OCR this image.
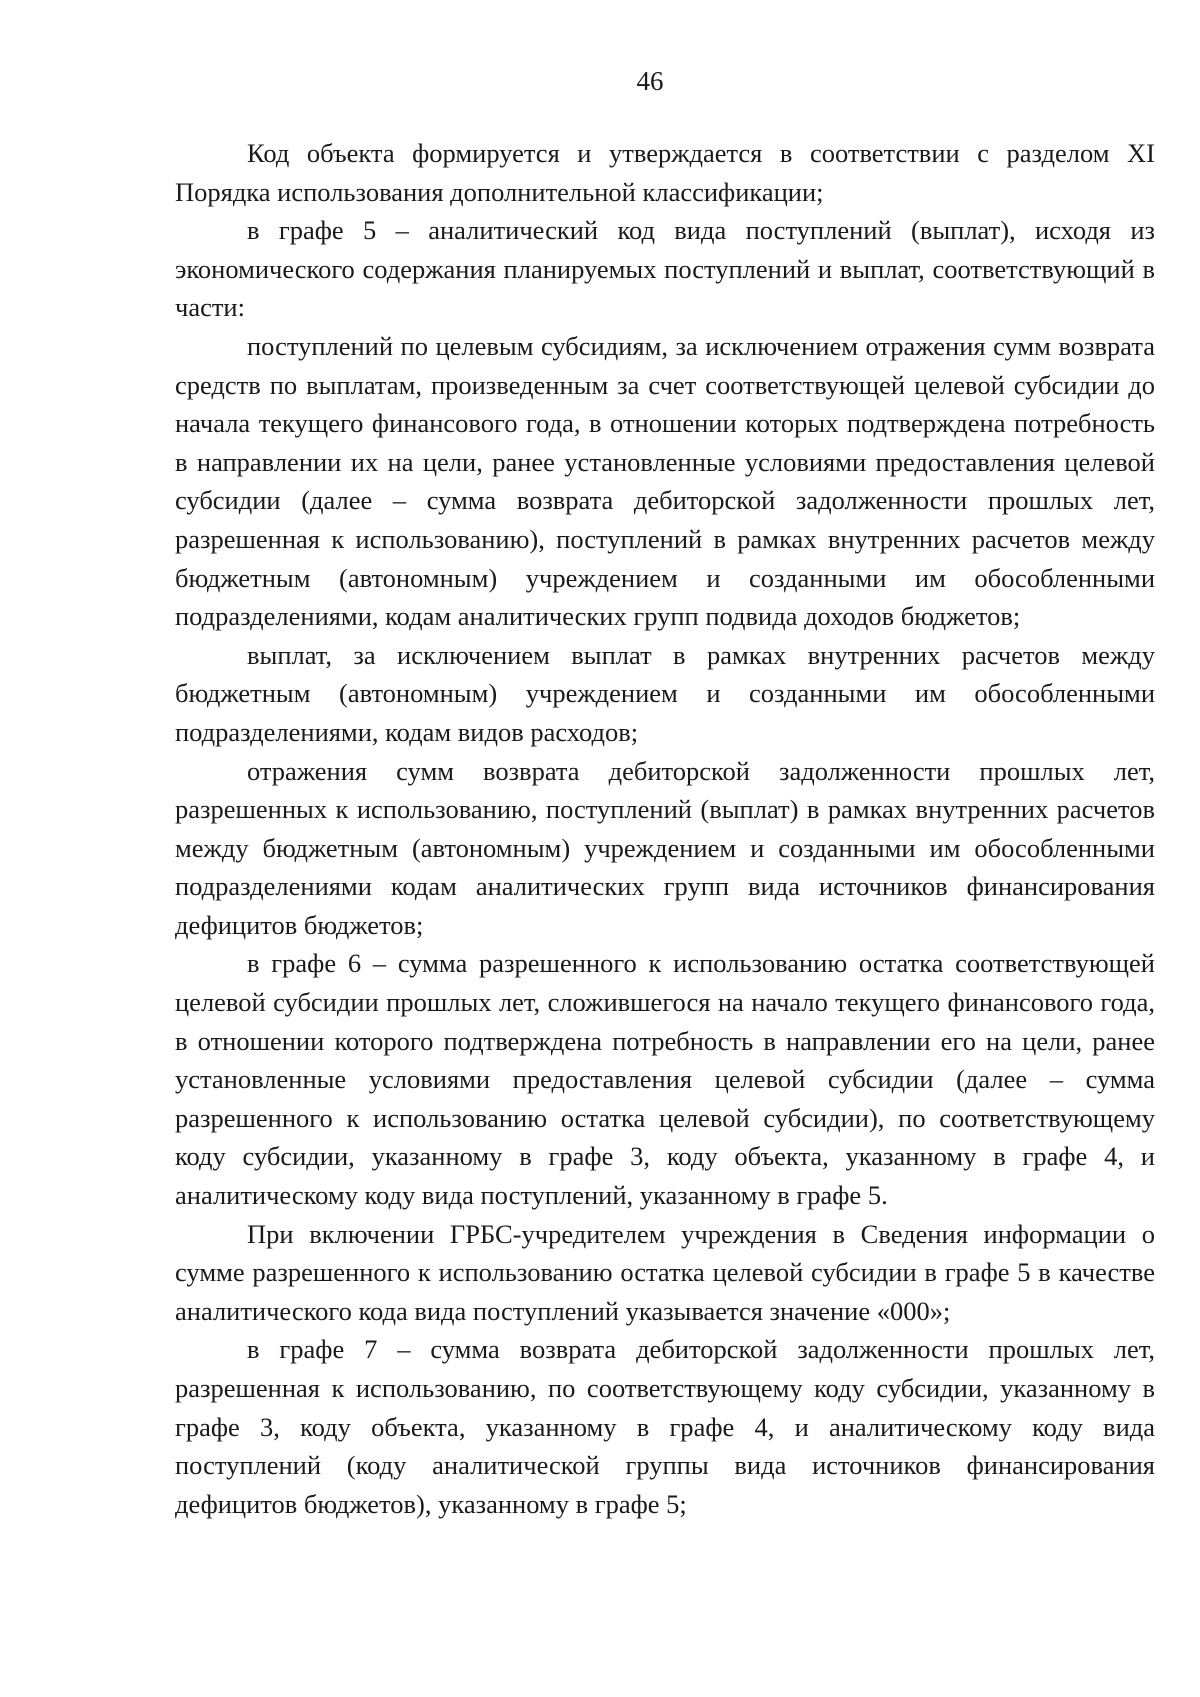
46

Код объекта формируется и утверждается в соответствии с разделом XI Порядка использования дополнительной классификации;

в графе 5 – аналитический код вида поступлений (выплат), исходя из экономического содержания планируемых поступлений и выплат, соответствующий в части:

поступлений по целевым субсидиям, за исключением отражения сумм возврата средств по выплатам, произведенным за счет соответствующей целевой субсидии до начала текущего финансового года, в отношении которых подтверждена потребность в направлении их на цели, ранее установленные условиями предоставления целевой субсидии (далее – сумма возврата дебиторской задолженности прошлых лет, разрешенная к использованию), поступлений в рамках внутренних расчетов между бюджетным (автономным) учреждением и созданными им обособленными подразделениями, кодам аналитических групп подвида доходов бюджетов;

выплат, за исключением выплат в рамках внутренних расчетов между бюджетным (автономным) учреждением и созданными им обособленными подразделениями, кодам видов расходов;

отражения сумм возврата дебиторской задолженности прошлых лет, разрешенных к использованию, поступлений (выплат) в рамках внутренних расчетов между бюджетным (автономным) учреждением и созданными им обособленными подразделениями кодам аналитических групп вида источников финансирования дефицитов бюджетов;

в графе 6 – сумма разрешенного к использованию остатка соответствующей целевой субсидии прошлых лет, сложившегося на начало текущего финансового года, в отношении которого подтверждена потребность в направлении его на цели, ранее установленные условиями предоставления целевой субсидии (далее – сумма разрешенного к использованию остатка целевой субсидии), по соответствующему коду субсидии, указанному в графе 3, коду объекта, указанному в графе 4, и аналитическому коду вида поступлений, указанному в графе 5.

При включении ГРБС-учредителем учреждения в Сведения информации о сумме разрешенного к использованию остатка целевой субсидии в графе 5 в качестве аналитического кода вида поступлений указывается значение «000»;

в графе 7 – сумма возврата дебиторской задолженности прошлых лет, разрешенная к использованию, по соответствующему коду субсидии, указанному в графе 3, коду объекта, указанному в графе 4, и аналитическому коду вида поступлений (коду аналитической группы вида источников финансирования дефицитов бюджетов), указанному в графе 5;
